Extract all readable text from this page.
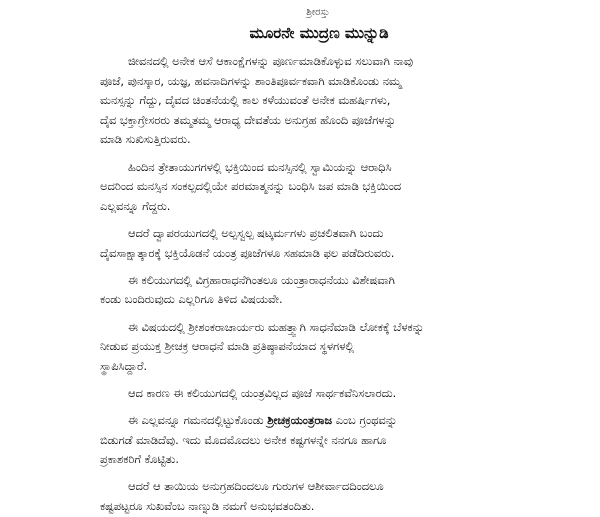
ಶ್ರೀರಸ್ತು
ಮೂರನೇ ಮುದ್ರಣ ಮುನ್ನುಡಿ
ಜೀವನದಲ್ಲಿ ಅನೇಕ ಆಸೆ ಆಕಾಂಕ್ಷೆಗಳನ್ನು ಪೂರ್ಣಮಾಡಿಕೊಳ್ಳುವ ಸಲುವಾಗಿ ನಾವು
ಪೂಜೆ, ಪುನಸ್ಕಾರ, ಯಜ್ಞ, ಹವನಾದಿಗಳನ್ನು ಶಾಂತಿಪೂರ್ವಕವಾಗಿ ಮಾಡಿಕೊಂಡು ನಮ್ಮ
ಮನಸ್ಸನ್ನು ಗೆದ್ದು, ದೈವದ ಚಿಂತನೆಯಲ್ಲಿ ಕಾಲ ಕಳೆಯುವಂತೆ ಅನೇಕ ಮಹರ್ಷಿಗಳು,
ದೈವ ಭಕ್ತಾಗ್ರೇಸರರು ತಮ್ಮತಮ್ಮ ಆರಾಧ್ಯ ದೇವತೆಯ ಅನುಗ್ರಹ ಹೊಂದಿ ಪೂಜೆಗಳನ್ನು
ಮಾಡಿ ಸುಖಿಸುತ್ತಿರುವರು.
ಹಿಂದಿನ ತ್ರೇತಾಯುಗಗಳಲ್ಲಿ ಭಕ್ತಿಯಿಂದ ಮನಸ್ಸಿನಲ್ಲಿ ಸ್ವಾಮಿಯನ್ನು ಆರಾಧಿಸಿ
ಅದರಿಂದ ಮನಸ್ಸಿನ ಸಂಕಲ್ಪದಲ್ಲಿಯೇ ಪರಮಾತ್ಮನನ್ನು ಬಂಧಿಸಿ ಜಪ ಮಾಡಿ ಭಕ್ತಿಯಿಂದ
ಎಲ್ಲವನ್ನೂ ಗೆದ್ದರು.
ಆದರೆ ದ್ವಾಪರಯುಗದಲ್ಲಿ ಅಲ್ಪಸ್ವಲ್ಪ ಷಟ್ಕರ್ಮಗಳು ಪ್ರಚಲಿತವಾಗಿ ಬಂದು
ದೈವಸಾಕ್ಷಾತ್ಕಾರಕ್ಕೆ ಭಕ್ತಿಯೊಡನೆ ಯಂತ್ರ ಪೂಜೆಗಳೂ ಸಹಮಾಡಿ ಫಲ ಪಡೆದಿರುವರು.
ಈ ಕಲಿಯುಗದಲ್ಲಿ ವಿಗ್ರಹಾರಾಧನೆಗಿಂತಲೂ ಯಂತ್ರಾರಾಧನೆಯು ವಿಶೇಷವಾಗಿ
ಕಂಡು ಬಂದಿರುವುದು ಎಲ್ಲರಿಗೂ ತಿಳಿದ ವಿಷಯವೇ.
ಈ ವಿಷಯದಲ್ಲಿ ಶ್ರೀಶಂಕರಾಚಾರ್ಯರು ಮಹತ್ತ್ವಾಗಿ ಸಾಧನೆಮಾಡಿ ಲೋಕಕ್ಕೆ ಬೆಳಕನ್ನು
ನೀಡುವ ಪ್ರಯುಕ್ತ ಶ್ರೀಚಕ್ರ ಆರಾಧನೆ ಮಾಡಿ ಪ್ರತಿಷ್ಠಾಪನೆಯಾದ ಸ್ಥಳಗಳಲ್ಲಿ
ಸ್ಥಾಪಿಸಿದ್ದಾರೆ.
ಆದ ಕಾರಣ ಈ ಕಲಿಯುಗದಲ್ಲಿ ಯಂತ್ರವಿಲ್ಲದ ಪೂಜೆ ಸಾರ್ಥಕವೆನಿಸಲಾರದು.
ಈ ಎಲ್ಲವನ್ನೂ ಗಮನದಲ್ಲಿಟ್ಟುಕೊಂಡು ಶ್ರೀಚಕ್ರಯಂತ್ರರಾಜ ಎಂಬ ಗ್ರಂಥವನ್ನು
ಬಿಡುಗಡೆ ಮಾಡಿದೆವು. ಇದು ಮೊದಮೊದಲು ಅನೇಕ ಕಷ್ಟಗಳನ್ನೇ ನನಗೂ ಹಾಗೂ
ಪ್ರಕಾಶಕರಿಗೆ ಕೊಟ್ಟಿತು.
ಆದರೆ ಆ ತಾಯಿಯ ಅನುಗ್ರಹದಿಂದಲೂ ಗುರುಗಳ ಆಶೀರ್ವಾದದಿಂದಲೂ
ಕಷ್ಟಪಟ್ಟರೂ ಸುಖವೆಂಬ ನಾಣ್ನುಡಿ ನಮಗೆ ಅನುಭವತಂದಿತು.
